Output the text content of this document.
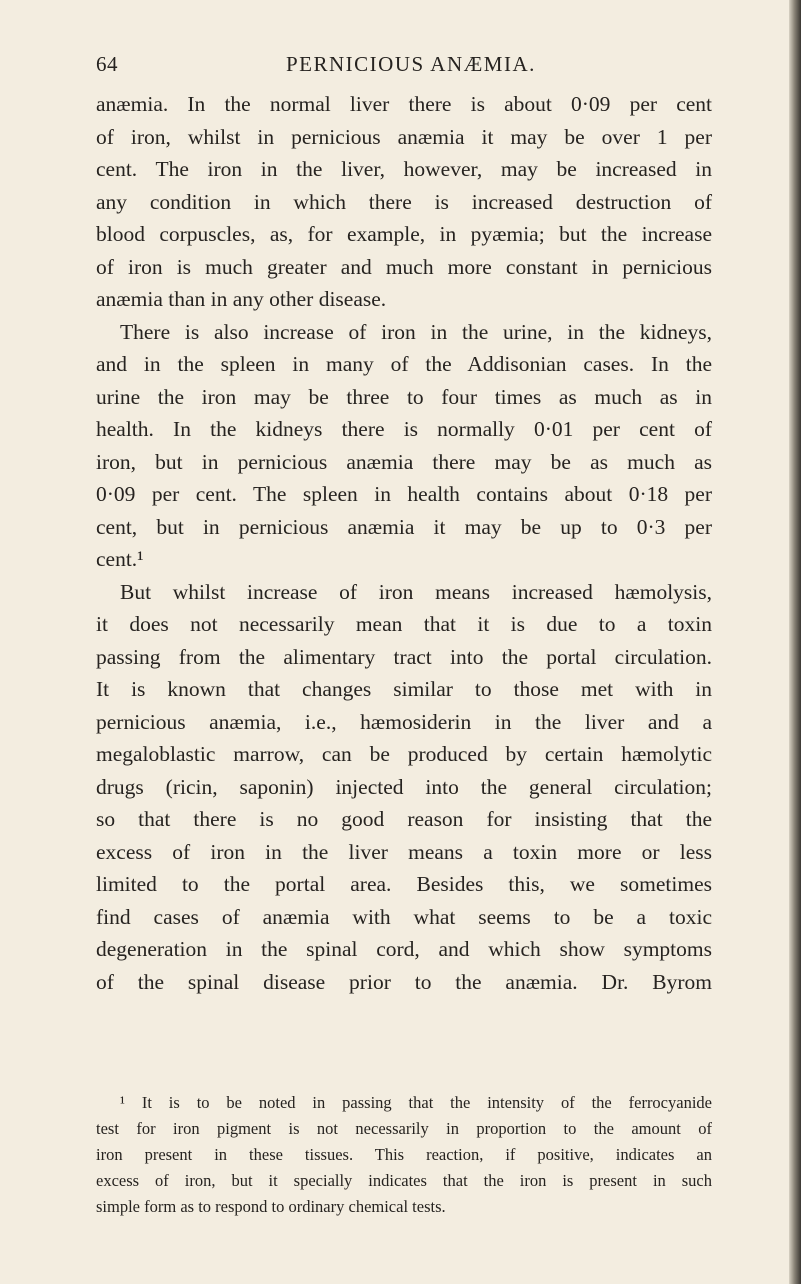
64	PERNICIOUS ANÆMIA.
anæmia. In the normal liver there is about 0·09 per cent
of iron, whilst in pernicious anæmia it may be over 1 per
cent. The iron in the liver, however, may be increased in
any condition in which there is increased destruction of
blood corpuscles, as, for example, in pyæmia; but the increase
of iron is much greater and much more constant in pernicious
anæmia than in any other disease.
There is also increase of iron in the urine, in the kidneys,
and in the spleen in many of the Addisonian cases. In the
urine the iron may be three to four times as much as in
health. In the kidneys there is normally 0·01 per cent of
iron, but in pernicious anæmia there may be as much as
0·09 per cent. The spleen in health contains about 0·18 per
cent, but in pernicious anæmia it may be up to 0·3 per
cent.¹
But whilst increase of iron means increased hæmolysis,
it does not necessarily mean that it is due to a toxin
passing from the alimentary tract into the portal circulation.
It is known that changes similar to those met with in
pernicious anæmia, i.e., hæmosiderin in the liver and a
megaloblastic marrow, can be produced by certain hæmolytic
drugs (ricin, saponin) injected into the general circulation;
so that there is no good reason for insisting that the
excess of iron in the liver means a toxin more or less
limited to the portal area. Besides this, we sometimes
find cases of anæmia with what seems to be a toxic
degeneration in the spinal cord, and which show symptoms
of the spinal disease prior to the anæmia. Dr. Byrom
¹ It is to be noted in passing that the intensity of the ferrocyanide
test for iron pigment is not necessarily in proportion to the amount of
iron present in these tissues. This reaction, if positive, indicates an
excess of iron, but it specially indicates that the iron is present in such
simple form as to respond to ordinary chemical tests.
